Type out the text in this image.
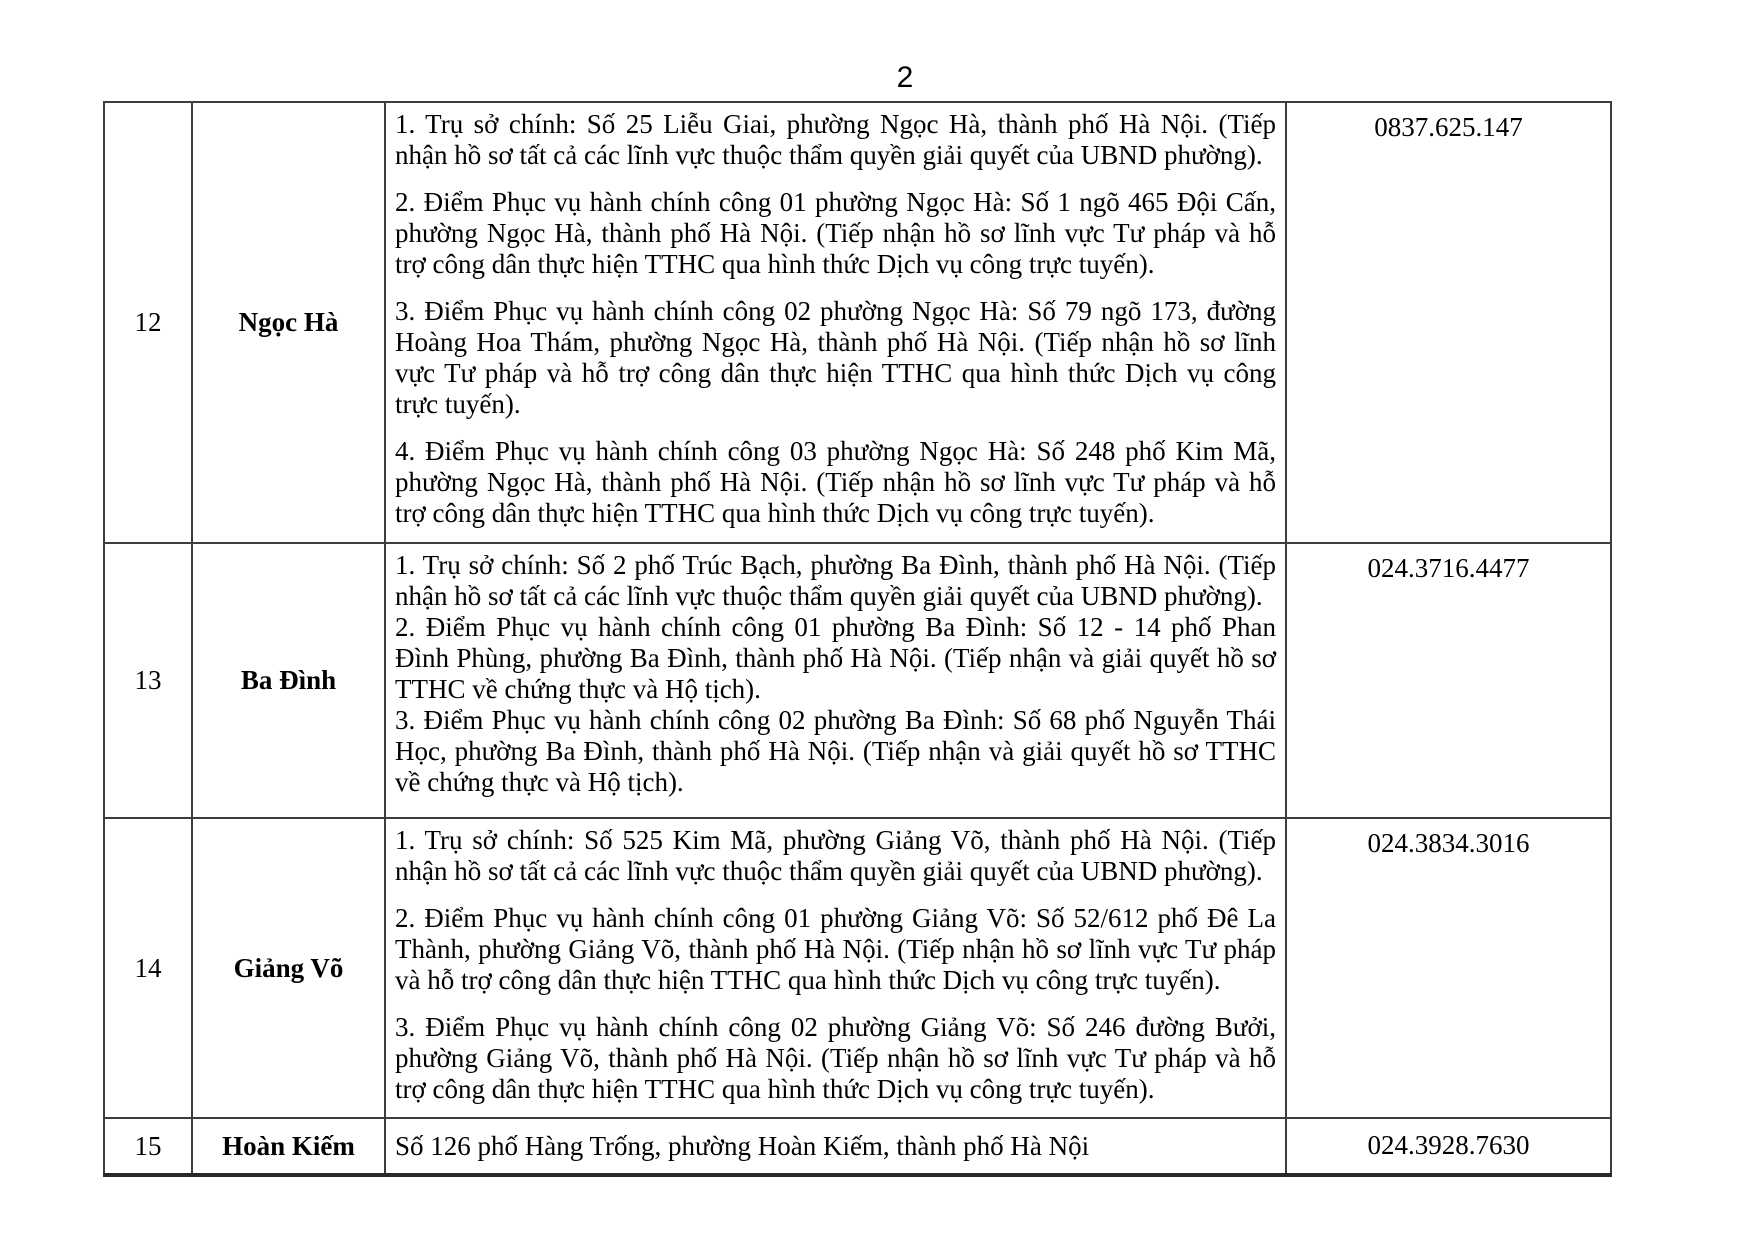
2
12	Ngọc Hà	1. Trụ sở chính: Số 25 Liễu Giai, phường Ngọc Hà, thành phố Hà Nội. (Tiếp nhận hồ sơ tất cả các lĩnh vực thuộc thẩm quyền giải quyết của UBND phường).

2. Điểm Phục vụ hành chính công 01 phường Ngọc Hà: Số 1 ngõ 465 Đội Cấn, phường Ngọc Hà, thành phố Hà Nội. (Tiếp nhận hồ sơ lĩnh vực Tư pháp và hỗ trợ công dân thực hiện TTHC qua hình thức Dịch vụ công trực tuyến).

3. Điểm Phục vụ hành chính công 02 phường Ngọc Hà: Số 79 ngõ 173, đường Hoàng Hoa Thám, phường Ngọc Hà, thành phố Hà Nội. (Tiếp nhận hồ sơ lĩnh vực Tư pháp và hỗ trợ công dân thực hiện TTHC qua hình thức Dịch vụ công trực tuyến).

4. Điểm Phục vụ hành chính công 03 phường Ngọc Hà: Số 248 phố Kim Mã, phường Ngọc Hà, thành phố Hà Nội. (Tiếp nhận hồ sơ lĩnh vực Tư pháp và hỗ trợ công dân thực hiện TTHC qua hình thức Dịch vụ công trực tuyến).	0837.625.147
13	Ba Đình	1. Trụ sở chính: Số 2 phố Trúc Bạch, phường Ba Đình, thành phố Hà Nội. (Tiếp nhận hồ sơ tất cả các lĩnh vực thuộc thẩm quyền giải quyết của UBND phường).

2. Điểm Phục vụ hành chính công 01 phường Ba Đình: Số 12 - 14 phố Phan Đình Phùng, phường Ba Đình, thành phố Hà Nội. (Tiếp nhận và giải quyết hồ sơ TTHC về chứng thực và Hộ tịch).

3. Điểm Phục vụ hành chính công 02 phường Ba Đình: Số 68 phố Nguyễn Thái Học, phường Ba Đình, thành phố Hà Nội. (Tiếp nhận và giải quyết hồ sơ TTHC về chứng thực và Hộ tịch).	024.3716.4477
14	Giảng Võ	1. Trụ sở chính: Số 525 Kim Mã, phường Giảng Võ, thành phố Hà Nội. (Tiếp nhận hồ sơ tất cả các lĩnh vực thuộc thẩm quyền giải quyết của UBND phường).

2. Điểm Phục vụ hành chính công 01 phường Giảng Võ: Số 52/612 phố Đê La Thành, phường Giảng Võ, thành phố Hà Nội. (Tiếp nhận hồ sơ lĩnh vực Tư pháp và hỗ trợ công dân thực hiện TTHC qua hình thức Dịch vụ công trực tuyến).

3. Điểm Phục vụ hành chính công 02 phường Giảng Võ: Số 246 đường Bưởi, phường Giảng Võ, thành phố Hà Nội. (Tiếp nhận hồ sơ lĩnh vực Tư pháp và hỗ trợ công dân thực hiện TTHC qua hình thức Dịch vụ công trực tuyến).	024.3834.3016
15	Hoàn Kiếm	Số 126 phố Hàng Trống, phường Hoàn Kiếm, thành phố Hà Nội	024.3928.7630
